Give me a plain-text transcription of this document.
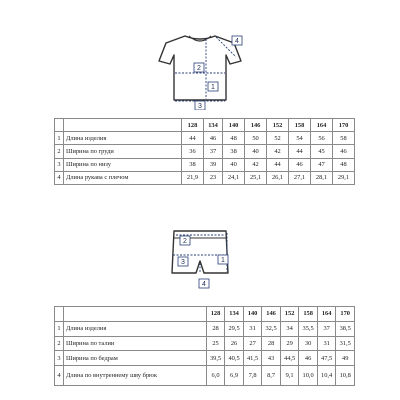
2
1
3
4
		128	134	140	146	152	158	164	170
1	Длина изделия	44	46	48	50	52	54	56	58
2	Ширина по груди	36	37	38	40	42	44	45	46
3	Ширина по низу	38	39	40	42	44	46	47	48
4	Длина рукава с плечом	21,9	23	24,1	25,1	26,1	27,1	28,1	29,1
2
3	1
4
		128	134	140	146	152	158	164	170
1	Длина изделия	28	29,5	31	32,5	34	35,5	37	38,5
2	Ширина по талии	25	26	27	28	29	30	31	31,5
3	Ширина по бедрам	39,5	40,5	41,5	43	44,5	46	47,5	49
4	Длина по внутреннему шву брюк	6,0	6,9	7,8	8,7	9,1	10,0	10,4	10,8
